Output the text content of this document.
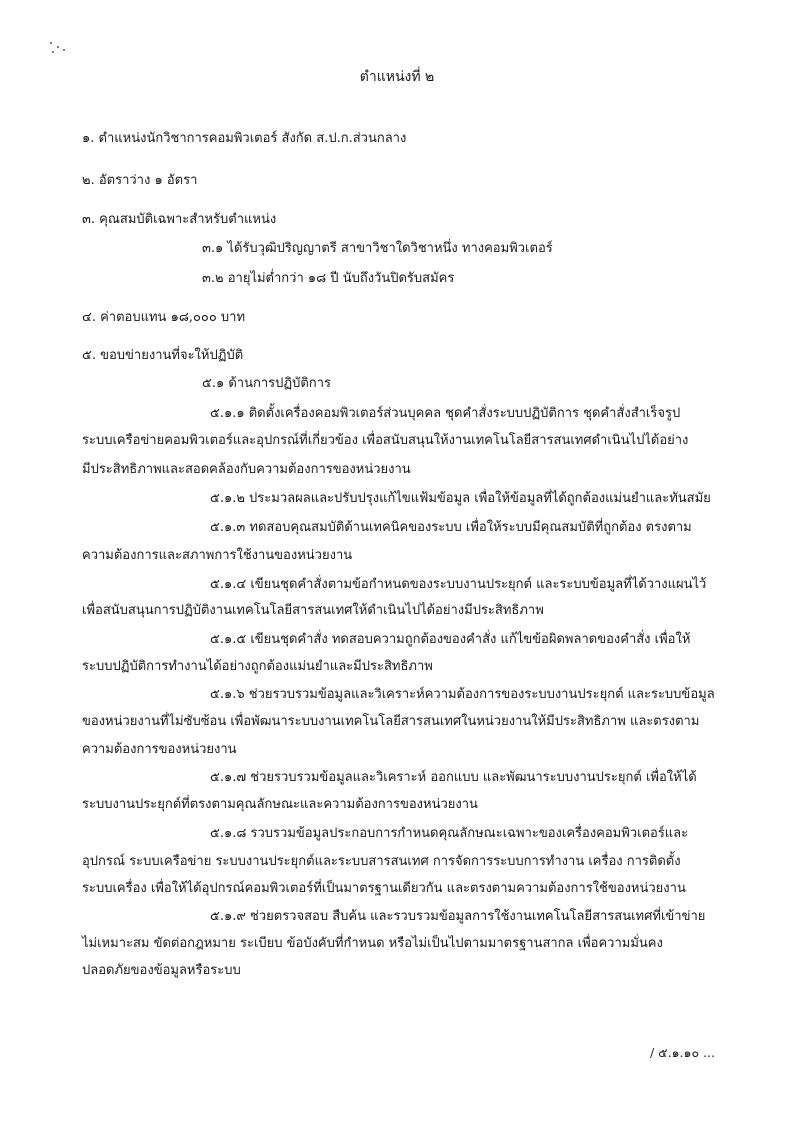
ตำแหน่งที่ ๒
๑. ตำแหน่งนักวิชาการคอมพิวเตอร์ สังกัด ส.ป.ก.ส่วนกลาง
๒. อัตราว่าง ๑ อัตรา
๓. คุณสมบัติเฉพาะสำหรับตำแหน่ง
๓.๑ ได้รับวุฒิปริญญาตรี สาขาวิชาใดวิชาหนึ่ง ทางคอมพิวเตอร์
๓.๒ อายุไม่ต่ำกว่า ๑๘ ปี นับถึงวันปิดรับสมัคร
๔. ค่าตอบแทน ๑๘,๐๐๐ บาท
๕. ขอบข่ายงานที่จะให้ปฏิบัติ
๕.๑ ด้านการปฏิบัติการ
๕.๑.๑ ติดตั้งเครื่องคอมพิวเตอร์ส่วนบุคคล ชุดคำสั่งระบบปฏิบัติการ ชุดคำสั่งสำเร็จรูป
ระบบเครือข่ายคอมพิวเตอร์และอุปกรณ์ที่เกี่ยวข้อง เพื่อสนับสนุนให้งานเทคโนโลยีสารสนเทศดำเนินไปได้อย่าง
มีประสิทธิภาพและสอดคล้องกับความต้องการของหน่วยงาน
๕.๑.๒ ประมวลผลและปรับปรุงแก้ไขแฟ้มข้อมูล เพื่อให้ข้อมูลที่ได้ถูกต้องแม่นยำและทันสมัย
๕.๑.๓ ทดสอบคุณสมบัติด้านเทคนิคของระบบ เพื่อให้ระบบมีคุณสมบัติที่ถูกต้อง ตรงตาม
ความต้องการและสภาพการใช้งานของหน่วยงาน
๕.๑.๔ เขียนชุดคำสั่งตามข้อกำหนดของระบบงานประยุกต์ และระบบข้อมูลที่ได้วางแผนไว้
เพื่อสนับสนุนการปฏิบัติงานเทคโนโลยีสารสนเทศให้ดำเนินไปได้อย่างมีประสิทธิภาพ
๕.๑.๕ เขียนชุดคำสั่ง ทดสอบความถูกต้องของคำสั่ง แก้ไขข้อผิดพลาดของคำสั่ง เพื่อให้
ระบบปฏิบัติการทำงานได้อย่างถูกต้องแม่นยำและมีประสิทธิภาพ
๕.๑.๖ ช่วยรวบรวมข้อมูลและวิเคราะห์ความต้องการของระบบงานประยุกต์ และระบบข้อมูล
ของหน่วยงานที่ไม่ซับซ้อน เพื่อพัฒนาระบบงานเทคโนโลยีสารสนเทศในหน่วยงานให้มีประสิทธิภาพ และตรงตาม
ความต้องการของหน่วยงาน
๕.๑.๗ ช่วยรวบรวมข้อมูลและวิเคราะห์ ออกแบบ และพัฒนาระบบงานประยุกต์ เพื่อให้ได้
ระบบงานประยุกต์ที่ตรงตามคุณลักษณะและความต้องการของหน่วยงาน
๕.๑.๘ รวบรวมข้อมูลประกอบการกำหนดคุณลักษณะเฉพาะของเครื่องคอมพิวเตอร์และ
อุปกรณ์ ระบบเครือข่าย ระบบงานประยุกต์และระบบสารสนเทศ การจัดการระบบการทำงาน เครื่อง การติดตั้ง
ระบบเครื่อง เพื่อให้ได้อุปกรณ์คอมพิวเตอร์ที่เป็นมาตรฐานเดียวกัน และตรงตามความต้องการใช้ของหน่วยงาน
๕.๑.๙ ช่วยตรวจสอบ สืบค้น และรวบรวมข้อมูลการใช้งานเทคโนโลยีสารสนเทศที่เข้าข่าย
ไม่เหมาะสม ขัดต่อกฎหมาย ระเบียบ ข้อบังคับที่กำหนด หรือไม่เป็นไปตามมาตรฐานสากล เพื่อความมั่นคง
ปลอดภัยของข้อมูลหรือระบบ
/ ๕.๑.๑๐ ...
